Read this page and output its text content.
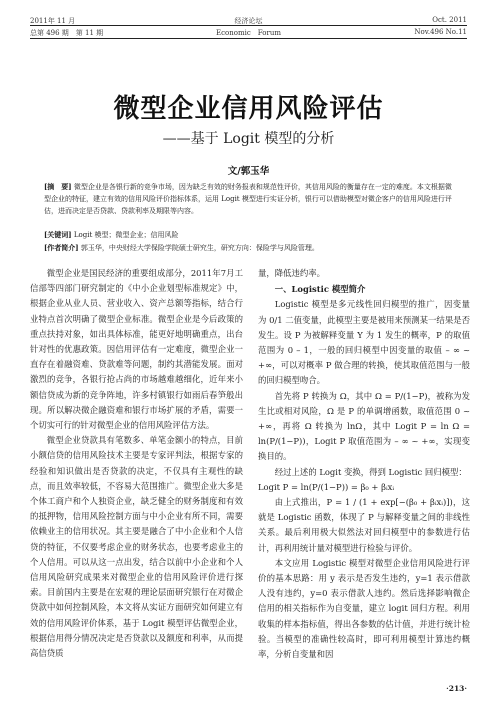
2011年 11 月	经济论坛	Oct. 2011
总第 496 期　第 11 期	Economic　Forum	Nov.496 No.11
微型企业信用风险评估
——基于 Logit 模型的分析
文/郭玉华
[摘　要] 微型企业是各银行新的竞争市场，因为缺乏有效的财务报表和规范性评价，其信用风险的衡量存在一定的难度。本文根据微型企业的特征，建立有效的信用风险评价指标体系，运用 Logit 模型进行实证分析，银行可以借助模型对微企客户的信用风险进行评估，进而决定是否贷款、贷款利率及期限等内容。
[关键词] Logit 模型；微型企业；信用风险
[作者简介] 郭玉华，中央财经大学保险学院硕士研究生，研究方向：保险学与风险管理。

微型企业是国民经济的重要组成部分，2011年7月工信部等四部门研究制定的《中小企业划型标准规定》中，根据企业从业人员、营业收入、资产总额等指标，结合行业特点首次明确了微型企业标准。微型企业是今后政策的重点扶持对象，如出具体标准，能更好地明确重点，出台针对性的优惠政策。因信用评估有一定难度，微型企业一直存在着融资难、贷款难等问题，制约其潜能发展。面对激烈的竞争，各银行抢占尚的市场越难越细化，近年来小额信贷成为新的竞争阵地，许多村镇银行如雨后春笋般出现。所以解决微企融资难和银行市场扩展的矛盾，需要一个切实可行的针对微型企业的信用风险评估方法。

微型企业贷款具有笔数多、单笔金额小的特点，目前小额信贷的信用风险技术主要是专家评判法，根据专家的经验和知识做出是否贷款的决定，不仅具有主观性的缺点，而且效率较低，不容易大范围推广。微型企业大多是个体工商户和个人独资企业，缺乏健全的财务制度和有效的抵押物，信用风险控制方面与中小企业有所不同，需要依赖业主的信用状况。其主要是融合了中小企业和个人信贷的特征，不仅要考虑企业的财务状态，也要考虑业主的个人信用。可以从这一点出发，结合以前中小企业和个人信用风险研究成果来对微型企业的信用风险评价进行探索。目前国内主要是在宏观的理论层面研究银行在对微企贷款中如何控制风险，本文将从实证方面研究如何建立有效的信用风险评价体系，基于 Logit 模型评估微型企业，根据信用得分情况决定是否贷款以及额度和利率，从而提高信贷质

量，降低违约率。

一、Logistic 模型简介

Logistic 模型是多元线性回归模型的推广，因变量为 0/1 二值变量，此模型主要是被用来预测某一结果是否发生。设 P 为被解释变量 Y 为 1 发生的概率，P 的取值范围为 0 – 1，一般的回归模型中因变量的取值 – ∞ ~ +∞，可以对概率 P 做合理的转换，使其取值范围与一般的回归模型吻合。

首先将 P 转换为 Ω，其中 Ω = P/(1−P)，被称为发生比或相对风险，Ω 是 P 的单调增函数，取值范围 0 ~ +∞，再将 Ω 转换为 lnΩ，其中 Logit P = ln Ω = ln(P/(1−P))，Logit P 取值范围为 – ∞ ~ +∞，实现变换目的。

经过上述的 Logit 变换，得到 Logistic 回归模型：

Logit P = ln(P/(1−P)) = β₀ + βᵢxᵢ

由上式推出，P = 1 / (1 + exp[−(β₀ + βᵢxᵢ)])，这就是 Logistic 函数，体现了 P 与解释变量之间的非线性关系。最后利用极大似然法对回归模型中的参数进行估计，再利用统计量对模型进行检验与评价。

本文应用 Logistic 模型对微型企业信用风险进行评价的基本思路：用 y 表示是否发生违约，y=1 表示借款人没有违约，y=0 表示借款人违约。然后选择影响微企信用的相关指标作为自变量，建立 logit 回归方程。利用收集的样本指标值，得出各参数的估计值，并进行统计检验。当模型的准确性较高时，即可利用模型计算违约概率，分析自变量和因

·213·
